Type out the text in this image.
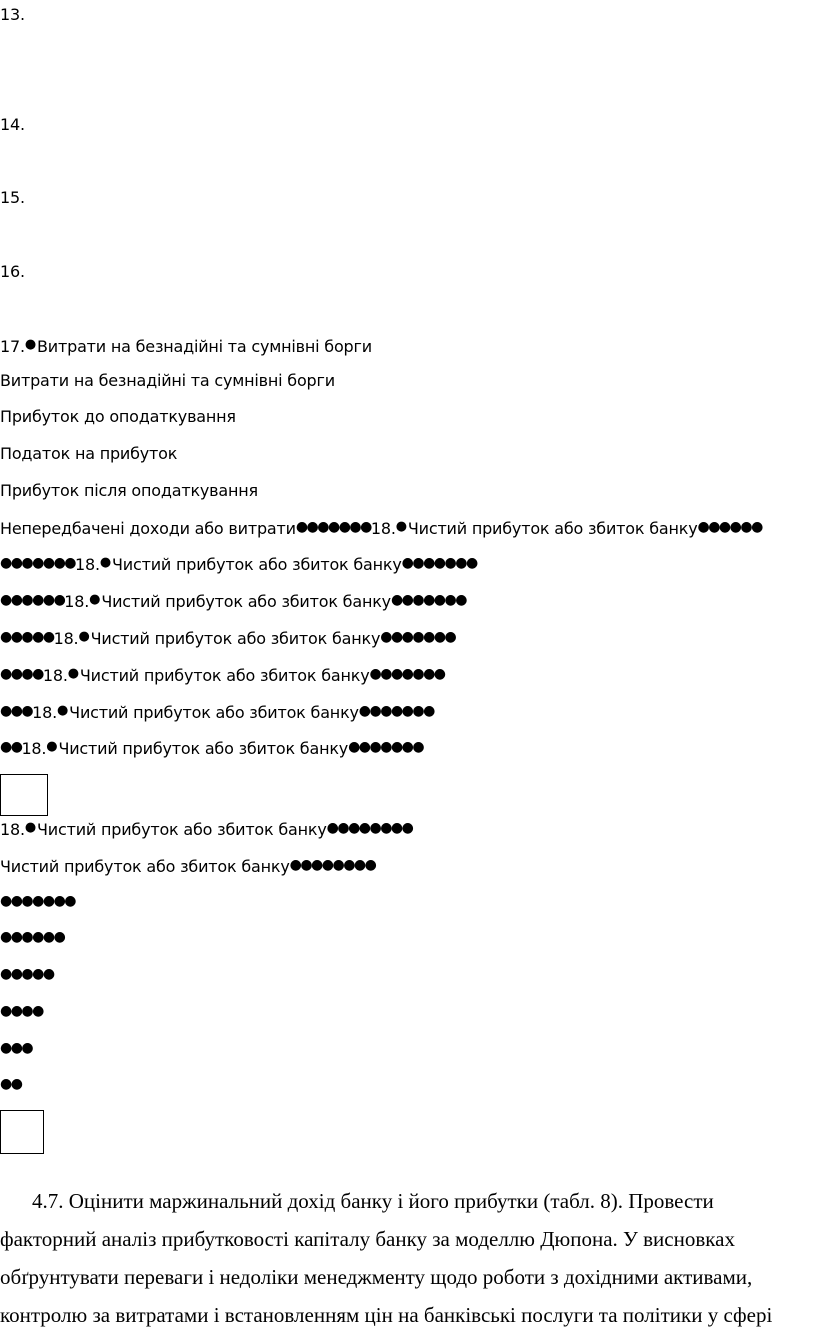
13.
14.
15.
16.
17.●Витрати на безнадійні та сумнівні борги
Витрати на безнадійні та сумнівні борги
Прибуток до оподаткування
Податок на прибуток
Прибуток після оподаткування
Непередбачені доходи або витрати●●●●●●●18.●Чистий прибуток або збиток банку●●●●●●
●●●●●●●18.●Чистий прибуток або збиток банку●●●●●●●
●●●●●●18.●Чистий прибуток або збиток банку●●●●●●●
●●●●●18.●Чистий прибуток або збиток банку●●●●●●●
●●●●18.●Чистий прибуток або збиток банку●●●●●●●
●●●18.●Чистий прибуток або збиток банку●●●●●●●
●●18.●Чистий прибуток або збиток банку●●●●●●●
18.●Чистий прибуток або збиток банку●●●●●●●●
Чистий прибуток або збиток банку●●●●●●●●
●●●●●●●
●●●●●●
●●●●●
●●●●
●●●
●●
4.7. Оцінити маржинальний дохід банку і його прибутки (табл. 8). Провести
факторний аналіз прибутковості капіталу банку за моделлю Дюпона. У висновках
обґрунтувати переваги і недоліки менеджменту щодо роботи з дохідними активами,
контролю за витратами і встановленням цін на банківські послуги та політики у сфері
